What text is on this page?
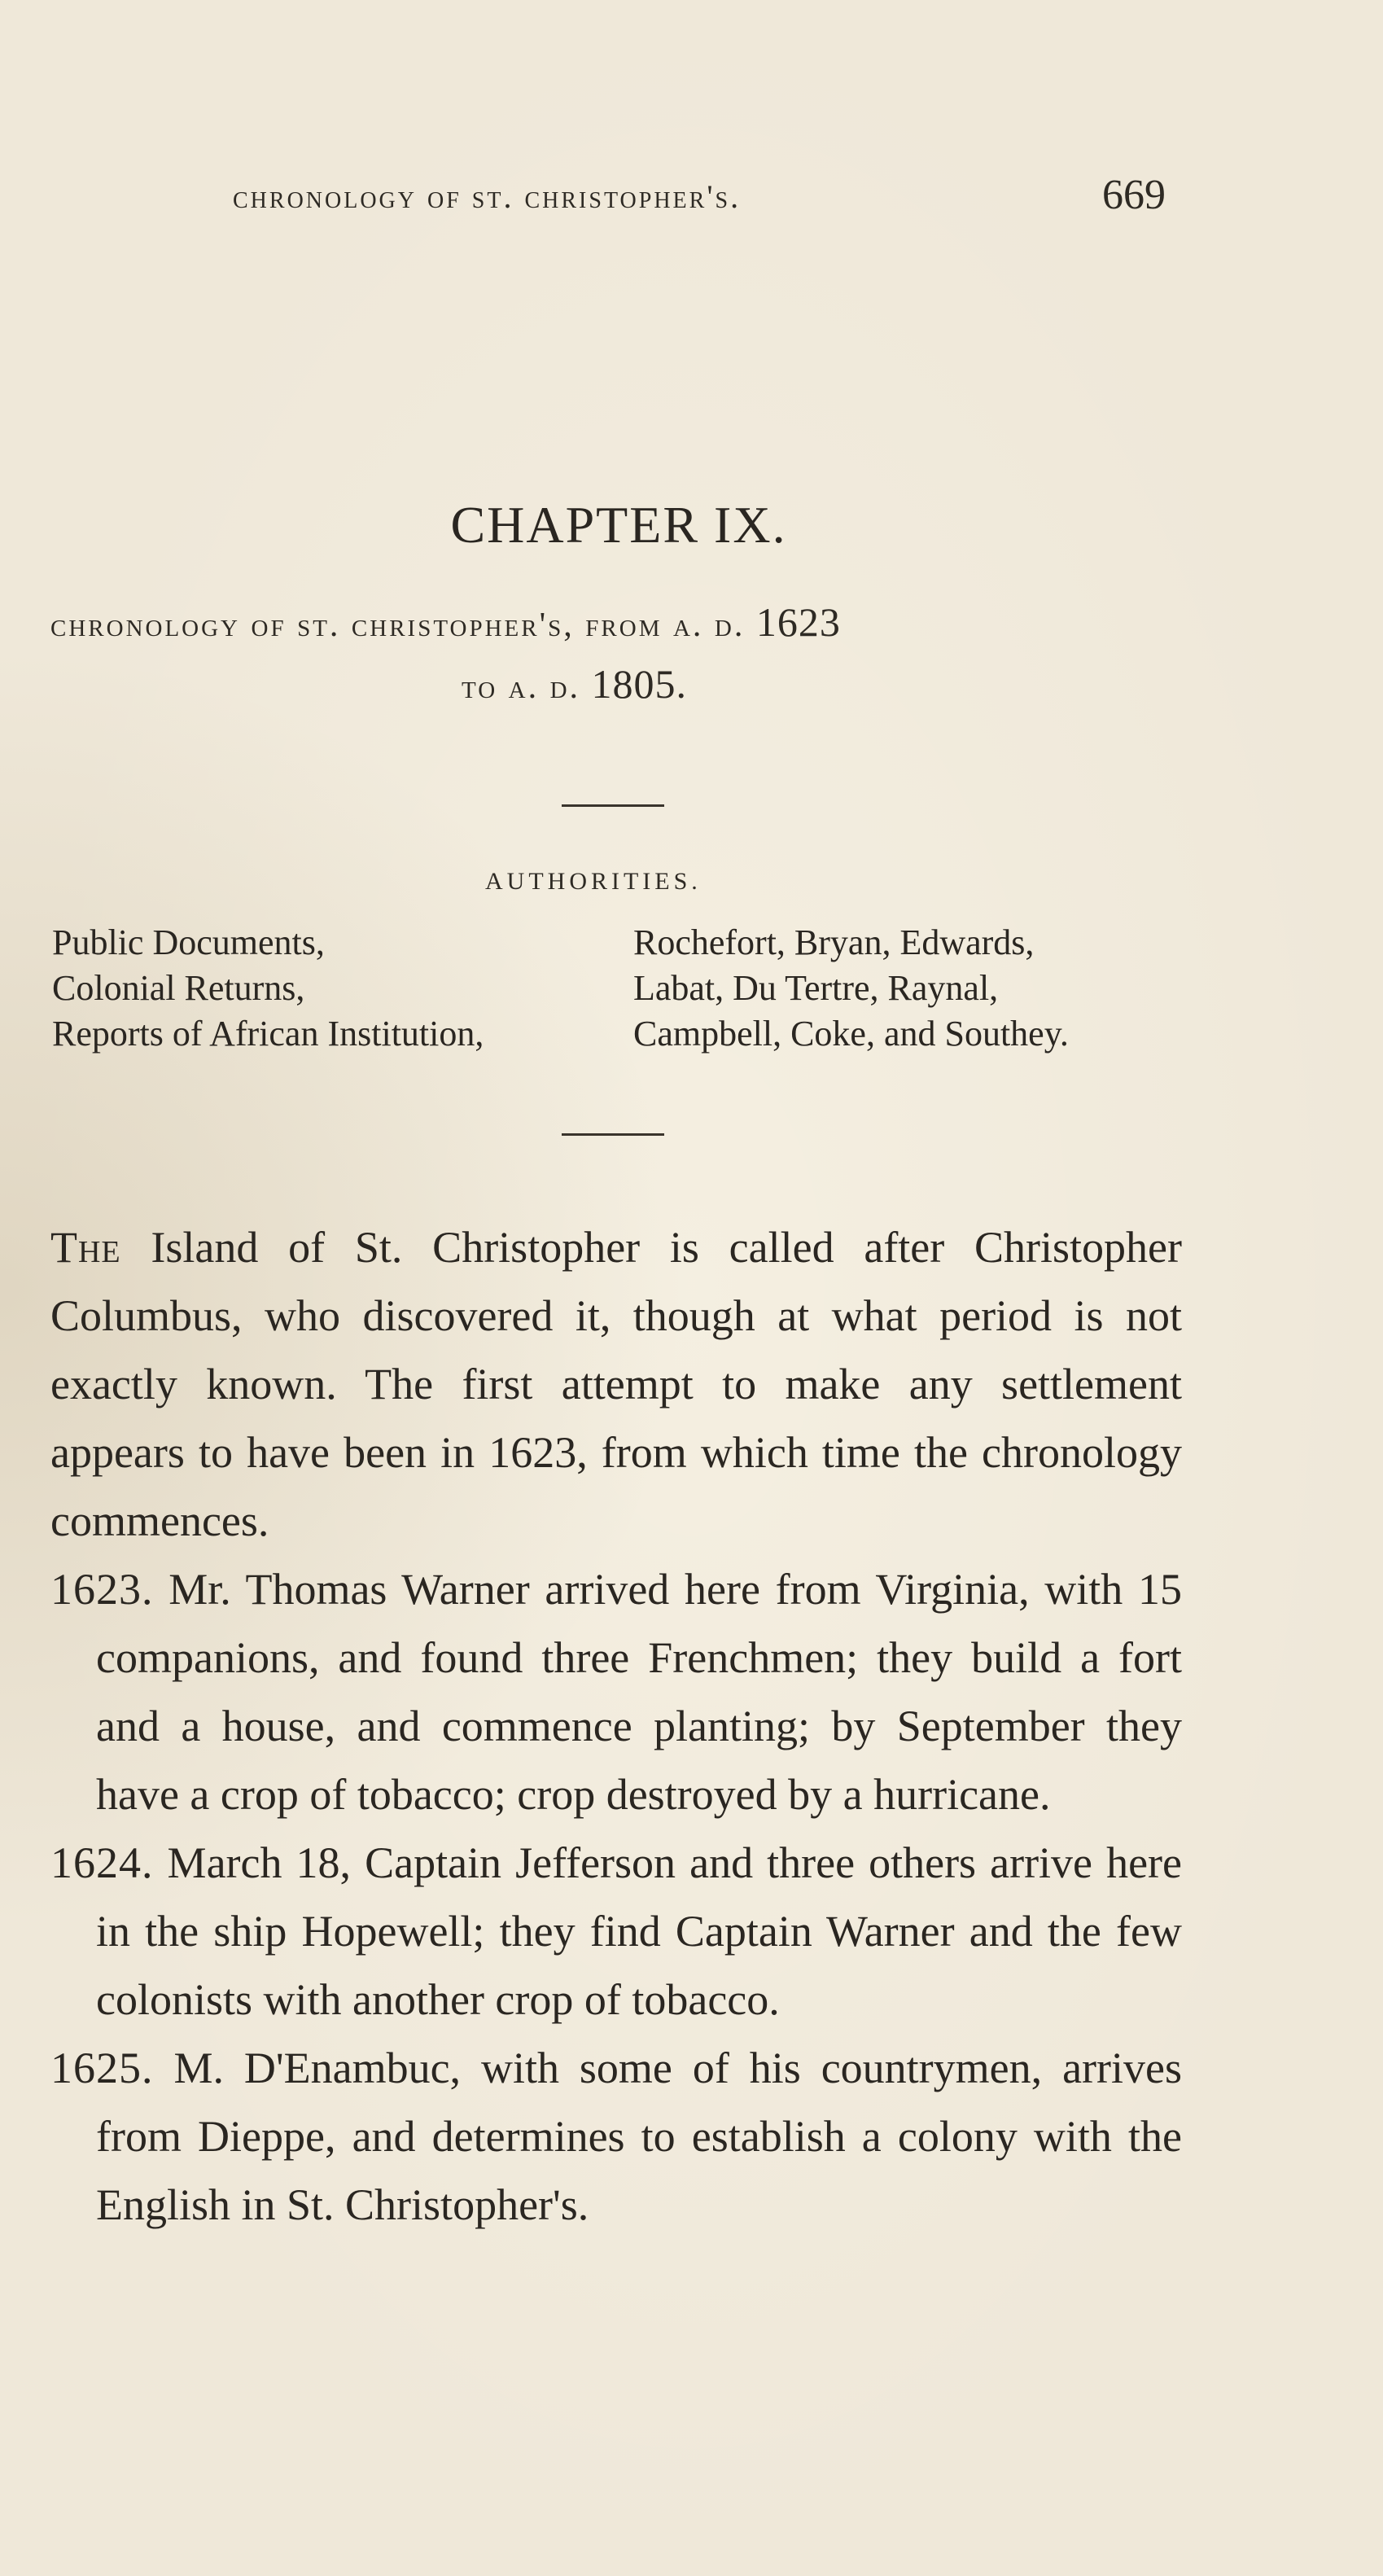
chronology of st. christopher's.	669
CHAPTER IX.
chronology of st. christopher's, from a. d. 1623
to a. d. 1805.
AUTHORITIES.
Public Documents,
Colonial Returns,
Reports of African Institution,
Rochefort, Bryan, Edwards,
Labat, Du Tertre, Raynal,
Campbell, Coke, and Southey.

The Island of St. Christopher is called after Christopher Columbus, who discovered it, though at what period is not exactly known. The first attempt to make any settlement appears to have been in 1623, from which time the chronology commences.

1623. Mr. Thomas Warner arrived here from Virginia, with 15 companions, and found three Frenchmen; they build a fort and a house, and commence planting; by September they have a crop of tobacco; crop destroyed by a hurricane.

1624. March 18, Captain Jefferson and three others arrive here in the ship Hopewell; they find Captain Warner and the few colonists with another crop of tobacco.

1625. M. D'Enambuc, with some of his countrymen, arrives from Dieppe, and determines to establish a colony with the English in St. Christopher's.
